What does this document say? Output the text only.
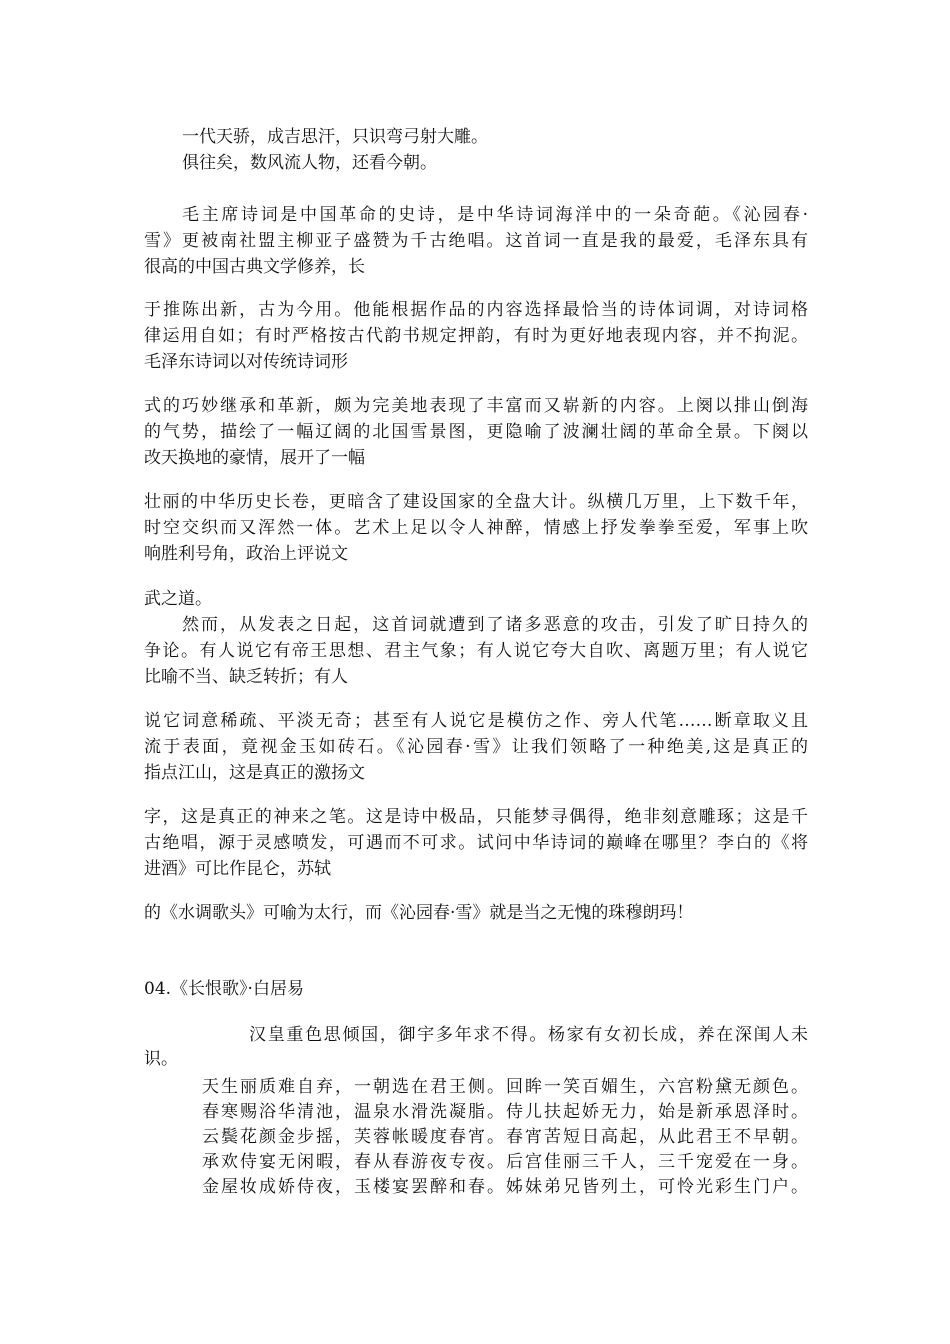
一代天骄，成吉思汗，只识弯弓射大雕。
俱往矣，数风流人物，还看今朝。
毛主席诗词是中国革命的史诗，是中华诗词海洋中的一朵奇葩。《沁园春·
雪》更被南社盟主柳亚子盛赞为千古绝唱。这首词一直是我的最爱，毛泽东具有
很高的中国古典文学修养，长
于推陈出新，古为今用。他能根据作品的内容选择最恰当的诗体词调，对诗词格
律运用自如；有时严格按古代韵书规定押韵，有时为更好地表现内容，并不拘泥。
毛泽东诗词以对传统诗词形
式的巧妙继承和革新，颇为完美地表现了丰富而又崭新的内容。上阕以排山倒海
的气势，描绘了一幅辽阔的北国雪景图，更隐喻了波澜壮阔的革命全景。下阕以
改天换地的豪情，展开了一幅
壮丽的中华历史长卷，更暗含了建设国家的全盘大计。纵横几万里，上下数千年，
时空交织而又浑然一体。艺术上足以令人神醉，情感上抒发拳拳至爱，军事上吹
响胜利号角，政治上评说文
武之道。
然而，从发表之日起，这首词就遭到了诸多恶意的攻击，引发了旷日持久的
争论。有人说它有帝王思想、君主气象；有人说它夸大自吹、离题万里；有人说它
比喻不当、缺乏转折；有人
说它词意稀疏、平淡无奇；甚至有人说它是模仿之作、旁人代笔……断章取义且
流于表面，竟视金玉如砖石。《沁园春·雪》让我们领略了一种绝美,这是真正的
指点江山，这是真正的激扬文
字，这是真正的神来之笔。这是诗中极品，只能梦寻偶得，绝非刻意雕琢；这是千
古绝唱，源于灵感喷发，可遇而不可求。试问中华诗词的巅峰在哪里？李白的《将
进酒》可比作昆仑，苏轼
的《水调歌头》可喻为太行，而《沁园春·雪》就是当之无愧的珠穆朗玛！
04.《长恨歌》·白居易
汉皇重色思倾国，御宇多年求不得。杨家有女初长成，养在深闺人未
识。
天生丽质难自弃，一朝选在君王侧。回眸一笑百媚生，六宫粉黛无颜色。
春寒赐浴华清池，温泉水滑洗凝脂。侍儿扶起娇无力，始是新承恩泽时。
云鬓花颜金步摇，芙蓉帐暖度春宵。春宵苦短日高起，从此君王不早朝。
承欢侍宴无闲暇，春从春游夜专夜。后宫佳丽三千人，三千宠爱在一身。
金屋妆成娇侍夜，玉楼宴罢醉和春。姊妹弟兄皆列土，可怜光彩生门户。
